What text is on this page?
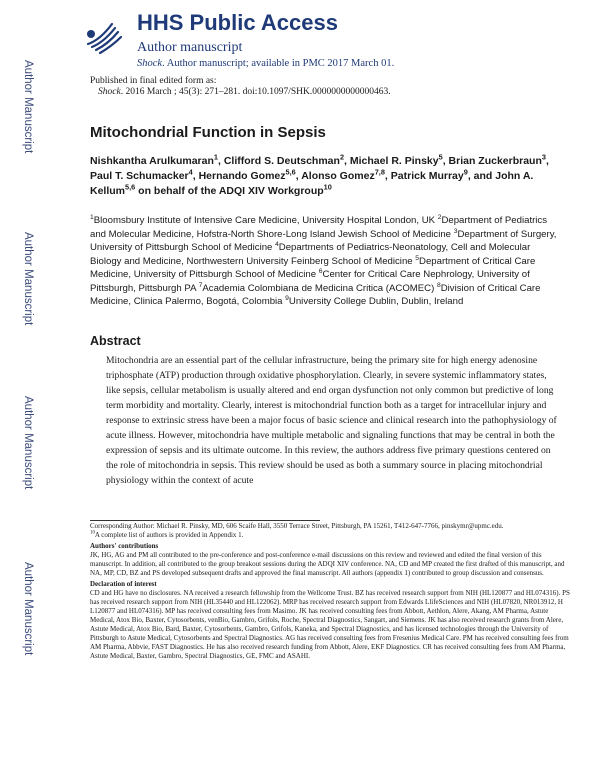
Author Manuscript
Author Manuscript
Author Manuscript
Author Manuscript
HHS Public Access
Author manuscript
Shock. Author manuscript; available in PMC 2017 March 01.
Published in final edited form as:
Shock. 2016 March ; 45(3): 271–281. doi:10.1097/SHK.0000000000000463.
Mitochondrial Function in Sepsis
Nishkantha Arulkumaran$^1$, Clifford S. Deutschman$^2$, Michael R. Pinsky$^5$, Brian Zuckerbraun$^3$, Paul T. Schumacker$^4$, Hernando Gomez$^{5,6}$, Alonso Gomez$^{7,8}$, Patrick Murray$^9$, and John A. Kellum$^{5,6}$ on behalf of the ADQI XIV Workgroup$^{10}$
$^1$Bloomsbury Institute of Intensive Care Medicine, University Hospital London, UK $^2$Department of Pediatrics and Molecular Medicine, Hofstra-North Shore-Long Island Jewish School of Medicine $^3$Department of Surgery, University of Pittsburgh School of Medicine $^4$Departments of Pediatrics-Neonatology, Cell and Molecular Biology and Medicine, Northwestern University Feinberg School of Medicine $^5$Department of Critical Care Medicine, University of Pittsburgh School of Medicine $^6$Center for Critical Care Nephrology, University of Pittsburgh, Pittsburgh PA $^7$Academia Colombiana de Medicina Critica (ACOMEC) $^8$Division of Critical Care Medicine, Clinica Palermo, Bogotá, Colombia $^9$University College Dublin, Dublin, Ireland
Abstract
Mitochondria are an essential part of the cellular infrastructure, being the primary site for high energy adenosine triphosphate (ATP) production through oxidative phosphorylation. Clearly, in severe systemic inflammatory states, like sepsis, cellular metabolism is usually altered and end organ dysfunction not only common but predictive of long term morbidity and mortality. Clearly, interest is mitochondrial function both as a target for intracellular injury and response to extrinsic stress have been a major focus of basic science and clinical research into the pathophysiology of acute illness. However, mitochondria have multiple metabolic and signaling functions that may be central in both the expression of sepsis and its ultimate outcome. In this review, the authors address five primary questions centered on the role of mitochondria in sepsis. This review should be used as both a summary source in placing mitochondrial physiology within the context of acute

Corresponding Author: Michael R. Pinsky, MD, 606 Scaife Hall, 3550 Terrace Street, Pittsburgh, PA 15261, T412-647-7766, pinskymr@upmc.edu.

$^{10}$A complete list of authors is provided in Appendix 1.

Authors' contributions

JK, HG, AG and PM all contributed to the pre-conference and post-conference e-mail discussions on this review and reviewed and edited the final version of this manuscript. In addition, all contributed to the group breakout sessions during the ADQI XIV conference. NA, CD and MP created the first drafted of this manuscript, and NA, MP, CD, BZ and PS developed subsequent drafts and approved the final manuscript. All authors (appendix 1) contributed to group discussion and consensus.

Declaration of interest

CD and HG have no disclosures. NA received a research fellowship from the Wellcome Trust. BZ has received research support from NIH (HL120877 and HL074316). PS has received research support from NIH (HL35440 and HL122062). MRP has received research support from Edwards LlifeSciences and NIH (HL07820, NR013912, H L120877 and HL074316). MP has received consulting fees from Masimo. JK has received consulting fees from Abbott, Aethlon, Alere, Akang, AM Pharma, Astute Medical, Atox Bio, Baxter, Cytosorbents, venBio, Gambro, Grifols, Roche, Spectral Diagnostics, Sangart, and Siemens. JK has also received research grants from Alere, Astute Medical, Atox Bio, Bard, Baxter, Cytosorbents, Gambro, Grifols, Kaneka, and Spectral Diagnostics, and has licensed technologies through the University of Pittsburgh to Astute Medical, Cytosorbents and Spectral Diagnostics. AG has received consulting fees from Fresenius Medical Care. PM has received consulting fees from AM Pharma, Abbvie, FAST Diagnostics. He has also received research funding from Abbott, Alere, EKF Diagnostics. CR has received consulting fees from AM Pharma, Astute Medical, Baxter, Gambro, Spectral Diagnostics, GE, FMC and ASAHI.
